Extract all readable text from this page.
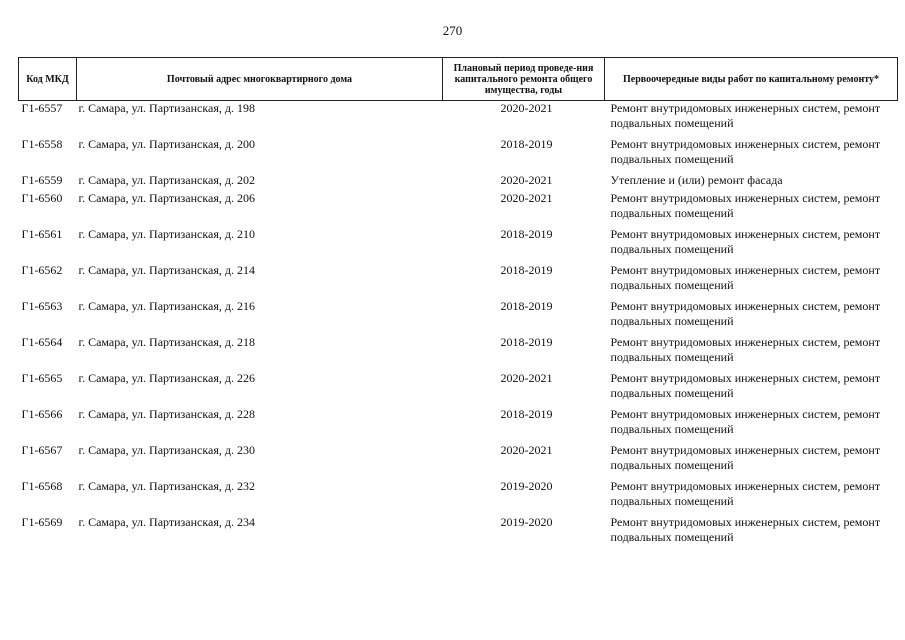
270
Код МКД	Почтовый адрес многоквартирного дома	Плановый период проведе-ния капитального ремонта общего имущества, годы	Первоочередные виды работ по капитальному ремонту*
Г1-6557	г. Самара, ул. Партизанская, д. 198	2020-2021	Ремонт внутридомовых инженерных систем, ремонт подвальных помещений
Г1-6558	г. Самара, ул. Партизанская, д. 200	2018-2019	Ремонт внутридомовых инженерных систем, ремонт подвальных помещений
Г1-6559	г. Самара, ул. Партизанская, д. 202	2020-2021	Утепление и (или) ремонт фасада
Г1-6560	г. Самара, ул. Партизанская, д. 206	2020-2021	Ремонт внутридомовых инженерных систем, ремонт подвальных помещений
Г1-6561	г. Самара, ул. Партизанская, д. 210	2018-2019	Ремонт внутридомовых инженерных систем, ремонт подвальных помещений
Г1-6562	г. Самара, ул. Партизанская, д. 214	2018-2019	Ремонт внутридомовых инженерных систем, ремонт подвальных помещений
Г1-6563	г. Самара, ул. Партизанская, д. 216	2018-2019	Ремонт внутридомовых инженерных систем, ремонт подвальных помещений
Г1-6564	г. Самара, ул. Партизанская, д. 218	2018-2019	Ремонт внутридомовых инженерных систем, ремонт подвальных помещений
Г1-6565	г. Самара, ул. Партизанская, д. 226	2020-2021	Ремонт внутридомовых инженерных систем, ремонт подвальных помещений
Г1-6566	г. Самара, ул. Партизанская, д. 228	2018-2019	Ремонт внутридомовых инженерных систем, ремонт подвальных помещений
Г1-6567	г. Самара, ул. Партизанская, д. 230	2020-2021	Ремонт внутридомовых инженерных систем, ремонт подвальных помещений
Г1-6568	г. Самара, ул. Партизанская, д. 232	2019-2020	Ремонт внутридомовых инженерных систем, ремонт подвальных помещений
Г1-6569	г. Самара, ул. Партизанская, д. 234	2019-2020	Ремонт внутридомовых инженерных систем, ремонт подвальных помещений
